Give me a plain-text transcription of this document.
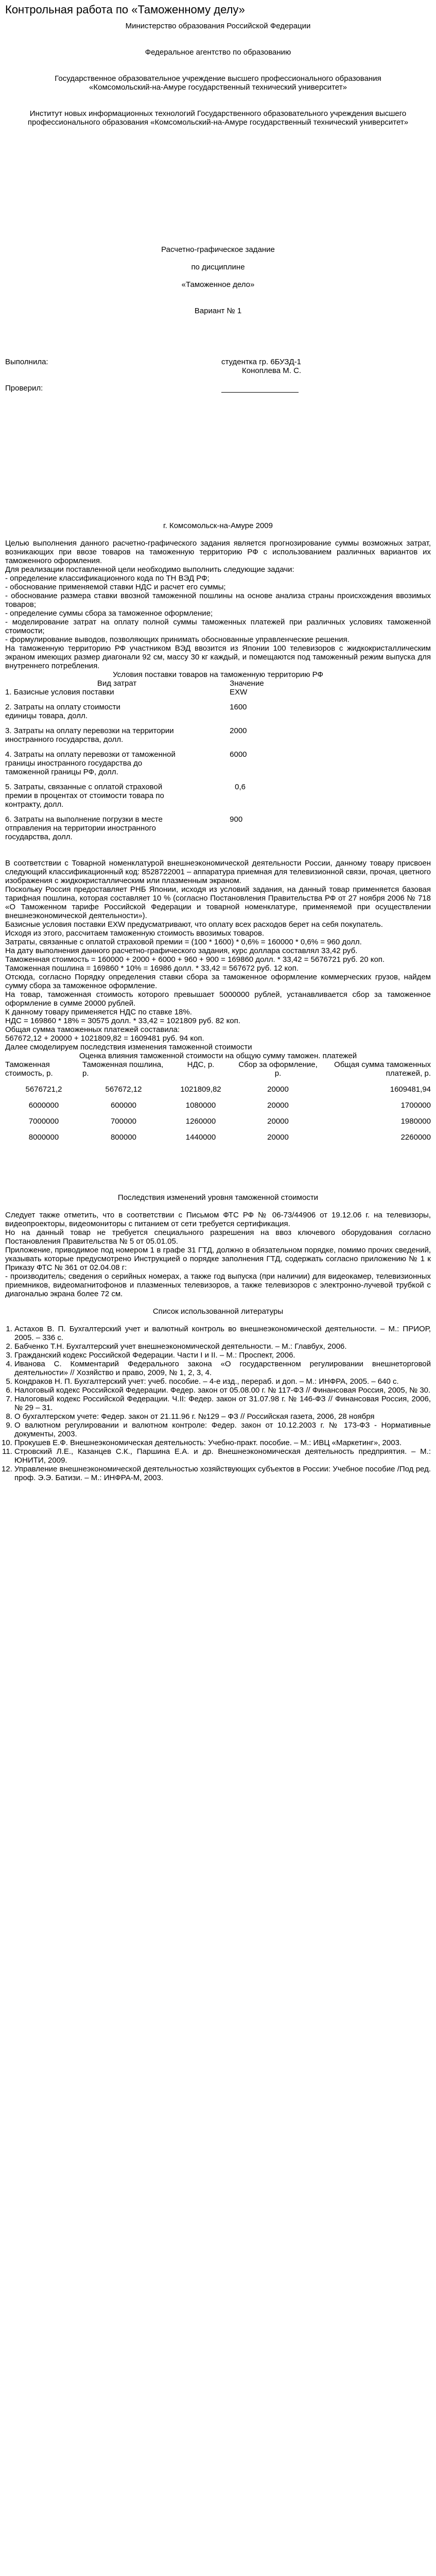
Контрольная работа по «Таможенному делу»
Министерство образования Российской Федерации
Федеральное агентство по образованию
Государственное образовательное учреждение высшего профессионального образования «Комсомольский-на-Амуре государственный технический университет»
Институт новых информационных технологий Государственного образовательного учреждения высшего профессионального образования «Комсомольский-на-Амуре государственный технический университет»
Расчетно-графическое задание
по дисциплине
«Таможенное дело»
Вариант № 1
Выполнила:	студентка гр. 6БУЗД-1
Коноплева М. С.
Проверил:
г. Комсомольск-на-Амуре 2009
Целью выполнения данного расчетно-графического задания является прогнозирование суммы возможных затрат, возникающих при ввозе товаров на таможенную территорию РФ с использованием различных вариантов их таможенного оформления.
Для реализации поставленной цели необходимо выполнить следующие задачи:
- определение классификационного кода по ТН ВЭД РФ;
- обоснование применяемой ставки НДС и расчет его суммы;
- обоснование размера ставки ввозной таможенной пошлины на основе анализа страны происхождения ввозимых товаров;
- определение суммы сбора за таможенное оформление;
- моделирование затрат на оплату полной суммы таможенных платежей при различных условиях таможенной стоимости;
- формулирование выводов, позволяющих принимать обоснованные управленческие решения.
На таможенную территорию РФ участником ВЭД ввозится из Японии 100 телевизоров с жидкокристаллическим экраном имеющих размер диагонали 92 см, массу 30 кг каждый, и помещаются под таможенный режим выпуска для внутреннего потребления.
Условия поставки товаров на таможенную территорию РФ
Вид затрат	Значение
1. Базисные условия поставки	EXW

2. Затраты на оплату стоимости единицы товара, долл.	1600

3. Затраты на оплату перевозки на территории иностранного государства, долл.	2000

4. Затраты на оплату перевозки от таможенной границы иностранного государства до таможенной границы РФ, долл.	6000

5. Затраты, связанные с оплатой страховой премии в процентах от стоимости товара по контракту, долл.	0,6

6. Затраты на выполнение погрузки в месте отправления на территории иностранного государства, долл.	900
В соответствии с Товарной номенклатурой внешнеэкономической деятельности России, данному товару присвоен следующий классификационный код: 8528722001 – аппаратура приемная для телевизионной связи, прочая, цветного изображения с жидкокристаллическим или плазменным экраном.
Поскольку Россия предоставляет РНБ Японии, исходя из условий задания, на данный товар применяется базовая тарифная пошлина, которая составляет 10 % (согласно Постановления Правительства РФ от 27 ноября 2006 № 718 «О Таможенном тарифе Российской Федерации и товарной номенклатуре, применяемой при осуществлении внешнеэкономической деятельности»).
Базисные условия поставки EXW предусматривают, что оплату всех расходов берет на себя покупатель.
Исходя из этого, рассчитаем таможенную стоимость ввозимых товаров.
Затраты, связанные с оплатой страховой премии = (100 * 1600) * 0,6% = 160000 * 0,6% = 960 долл.
На дату выполнения данного расчетно-графического задания, курс доллара составлял 33,42 руб.
Таможенная стоимость = 160000 + 2000 + 6000 + 960 + 900 = 169860 долл. * 33,42 = 5676721 руб. 20 коп.
Таможенная пошлина = 169860 * 10% = 16986 долл. * 33,42 = 567672 руб. 12 коп.
Отсюда, согласно Порядку определения ставки сбора за таможенное оформление коммерческих грузов, найдем сумму сбора за таможенное оформление.
На товар, таможенная стоимость которого превышает 5000000 рублей, устанавливается сбор за таможенное оформление в сумме 20000 рублей.
К данному товару применяется НДС по ставке 18%.
НДС = 169860 * 18% = 30575 долл. * 33,42 = 1021809 руб. 82 коп.
Общая сумма таможенных платежей составила:
567672,12 + 20000 + 1021809,82 = 1609481 руб. 94 коп.
Далее смоделируем последствия изменения таможенной стоимости
Оценка влияния таможенной стоимости на общую сумму таможен. платежей
Таможенная стоимость, р.	Таможенная пошлина, р.	НДС, р.	Сбор за оформление, р.	Общая сумма таможенных платежей, р.

5676721,2	567672,12	1021809,82	20000	1609481,94

6000000	600000	1080000	20000	1700000

7000000	700000	1260000	20000	1980000

8000000	800000	1440000	20000	2260000
Последствия изменений уровня таможенной стоимости
Следует также отметить, что в соответствии с Письмом ФТС РФ № 06-73/44906 от 19.12.06 г. на телевизоры, видеопроекторы, видеомониторы с питанием от сети требуется сертификация.
Но на данный товар не требуется специального разрешения на ввоз ключевого оборудования согласно Постановления Правительства № 5 от 05.01.05.
Приложение, приводимое под номером 1 в графе 31 ГТД, должно в обязательном порядке, помимо прочих сведений, указывать которые предусмотрено Инструкцией о порядке заполнения ГТД, содержать согласно приложению № 1 к Приказу ФТС № 361 от 02.04.08 г:
- производитель; сведения о серийных номерах, а также год выпуска (при наличии) для видеокамер, телевизионных приемников, видеомагнитофонов и плазменных телевизоров, а также телевизоров с электронно-лучевой трубкой с диагональю экрана более 72 см.
Список использованной литературы
1. Астахов В. П. Бухгалтерский учет и валютный контроль во внешнеэкономической деятельности. – М.: ПРИОР, 2005. – 336 с.
2. Бабченко Т.Н. Бухгалтерский учет внешнеэкономической деятельности. – М.: Главбух, 2006.
3. Гражданский кодекс Российской Федерации. Части I и II. – М.: Проспект, 2006.
4. Иванова С. Комментарий Федерального закона «О государственном регулировании внешнеторговой деятельности» // Хозяйство и право, 2009, № 1, 2, 3, 4.
5. Кондраков Н. П. Бухгалтерский учет: учеб. пособие. – 4-е изд., перераб. и доп. – М.: ИНФРА, 2005. – 640 с.
6. Налоговый кодекс Российской Федерации. Федер. закон от 05.08.00 г. № 117-ФЗ // Финансовая Россия, 2005, № 30.
7. Налоговый кодекс Российской Федерации. Ч.II: Федер. закон от 31.07.98 г. № 146-ФЗ // Финансовая Россия, 2006, № 29 – 31.
8. О бухгалтерском учете: Федер. закон от 21.11.96 г. №129 – ФЗ // Российская газета, 2006, 28 ноября
9. О валютном регулировании и валютном контроле: Федер. закон от 10.12.2003 г. № 173-ФЗ - Нормативные документы, 2003.
10. Прокушев Е.Ф. Внешнеэкономическая деятельность: Учебно-практ. пособие. – М.: ИВЦ «Маркетинг», 2003.
11. Стровский Л.Е., Казанцев С.К., Паршина Е.А. и др. Внешнеэкономическая деятельность предприятия. – М.: ЮНИТИ, 2009.
12. Управление внешнеэкономической деятельностью хозяйствующих субъектов в России: Учебное пособие /Под ред. проф. Э.Э. Батизи. – М.: ИНФРА-М, 2003.
